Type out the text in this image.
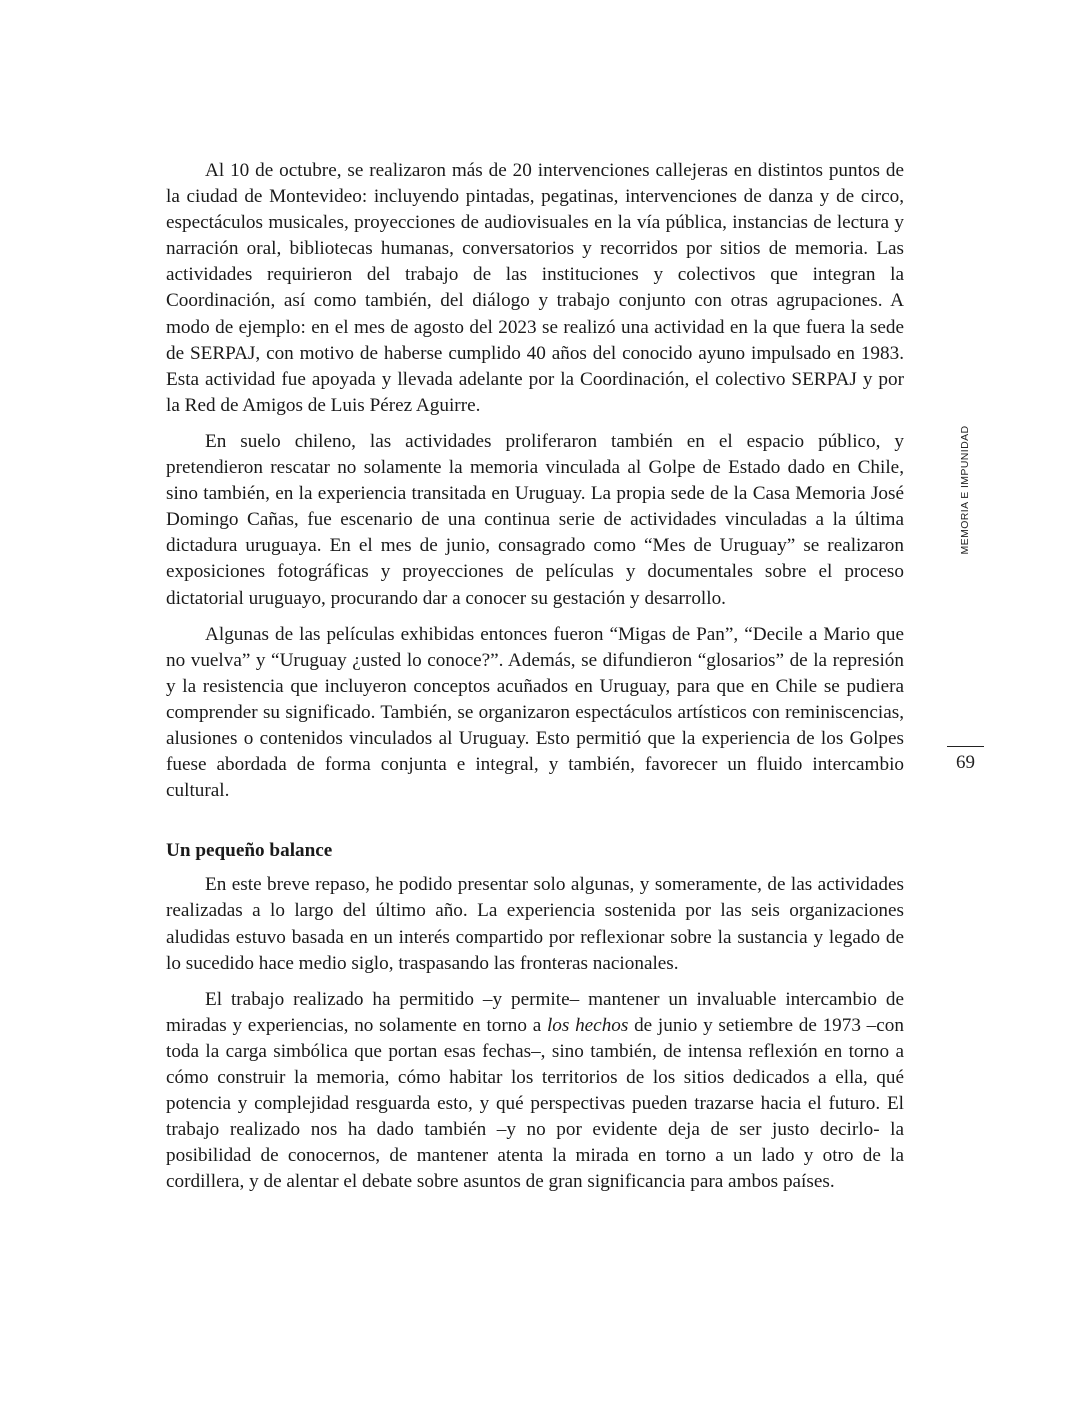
Al 10 de octubre, se realizaron más de 20 intervenciones callejeras en distintos puntos de la ciudad de Montevideo: incluyendo pintadas, pegatinas, intervenciones de danza y de circo, espectáculos musicales, proyecciones de audiovisuales en la vía pública, instancias de lectura y narración oral, bibliotecas humanas, conversatorios y recorridos por sitios de memoria. Las actividades requirieron del trabajo de las instituciones y colectivos que integran la Coordinación, así como también, del diálogo y trabajo conjunto con otras agrupaciones. A modo de ejemplo: en el mes de agosto del 2023 se realizó una actividad en la que fuera la sede de SERPAJ, con motivo de haberse cumplido 40 años del conocido ayuno impulsado en 1983. Esta actividad fue apoyada y llevada adelante por la Coordinación, el colectivo SERPAJ y por la Red de Amigos de Luis Pérez Aguirre.

En suelo chileno, las actividades proliferaron también en el espacio público, y pretendieron rescatar no solamente la memoria vinculada al Golpe de Estado dado en Chile, sino también, en la experiencia transitada en Uruguay. La propia sede de la Casa Memoria José Domingo Cañas, fue escenario de una continua serie de actividades vinculadas a la última dictadura uruguaya. En el mes de junio, consagrado como “Mes de Uruguay” se realizaron exposiciones fotográficas y proyecciones de películas y documentales sobre el proceso dictatorial uruguayo, procurando dar a conocer su gestación y desarrollo.

Algunas de las películas exhibidas entonces fueron “Migas de Pan”, “Decile a Mario que no vuelva” y “Uruguay ¿usted lo conoce?”. Además, se difundieron “glosarios” de la represión y la resistencia que incluyeron conceptos acuñados en Uruguay, para que en Chile se pudiera comprender su significado. También, se organizaron espectáculos artísticos con reminiscencias, alusiones o contenidos vinculados al Uruguay. Esto permitió que la experiencia de los Golpes fuese abordada de forma conjunta e integral, y también, favorecer un fluido intercambio cultural.

Un pequeño balance

En este breve repaso, he podido presentar solo algunas, y someramente, de las actividades realizadas a lo largo del último año. La experiencia sostenida por las seis organizaciones aludidas estuvo basada en un interés compartido por reflexionar sobre la sustancia y legado de lo sucedido hace medio siglo, traspasando las fronteras nacionales.

El trabajo realizado ha permitido –y permite– mantener un invaluable intercambio de miradas y experiencias, no solamente en torno a los hechos de junio y setiembre de 1973 –con toda la carga simbólica que portan esas fechas–, sino también, de intensa reflexión en torno a cómo construir la memoria, cómo habitar los territorios de los sitios dedicados a ella, qué potencia y complejidad resguarda esto, y qué perspectivas pueden trazarse hacia el futuro. El trabajo realizado nos ha dado también –y no por evidente deja de ser justo decirlo- la posibilidad de conocernos, de mantener atenta la mirada en torno a un lado y otro de la cordillera, y de alentar el debate sobre asuntos de gran significancia para ambos países.

MEMORIA E IMPUNIDAD
69
